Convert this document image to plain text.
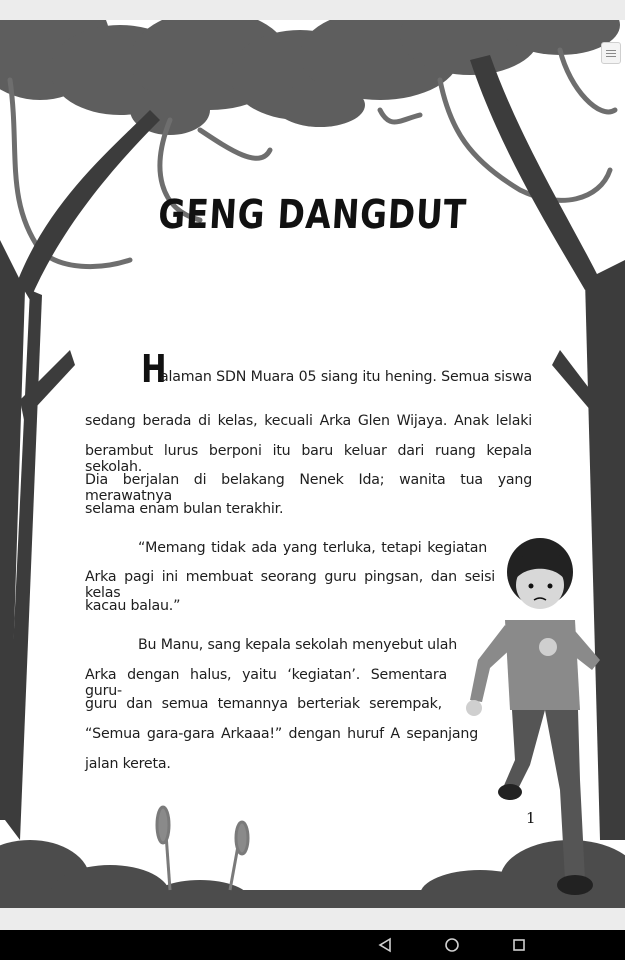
GENG DANGDUT
H
alaman SDN Muara 05 siang itu hening. Semua siswa
sedang berada di kelas, kecuali Arka Glen Wijaya. Anak lelaki
berambut lurus berponi itu baru keluar dari ruang kepala sekolah.
Dia berjalan di belakang Nenek Ida; wanita tua yang merawatnya
selama enam bulan terakhir.
“Memang tidak ada yang terluka, tetapi kegiatan
Arka pagi ini membuat seorang guru pingsan, dan seisi kelas
kacau balau.”
Bu Manu, sang kepala sekolah menyebut ulah
Arka dengan halus, yaitu ‘kegiatan’. Sementara guru-
guru dan semua temannya berteriak serempak,
“Semua gara-gara Arkaaa!” dengan huruf A sepanjang
jalan kereta.
1
